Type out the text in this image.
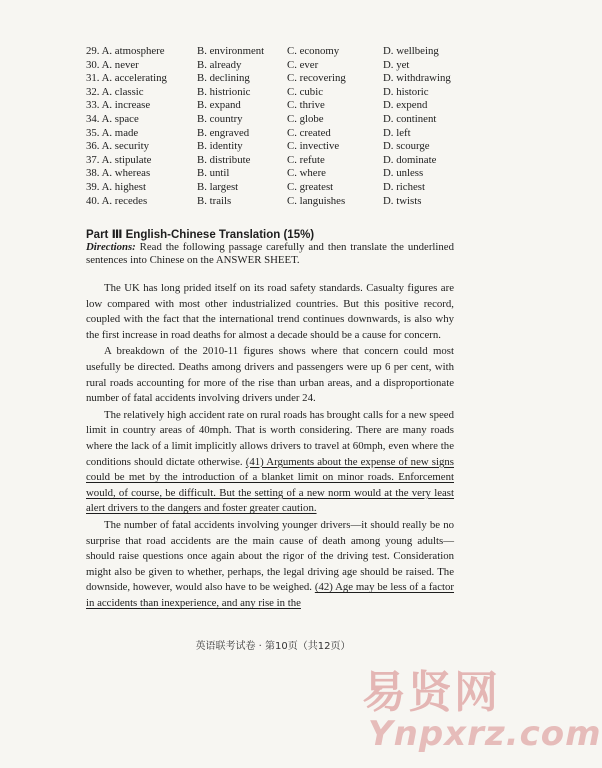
29. A. atmosphere	B. environment	C. economy	D. wellbeing
30. A. never	B. already	C. ever	D. yet
31. A. accelerating	B. declining	C. recovering	D. withdrawing
32. A. classic	B. histrionic	C. cubic	D. historic
33. A. increase	B. expand	C. thrive	D. expend
34. A. space	B. country	C. globe	D. continent
35. A. made	B. engraved	C. created	D. left
36. A. security	B. identity	C. invective	D. scourge
37. A. stipulate	B. distribute	C. refute	D. dominate
38. A. whereas	B. until	C. where	D. unless
39. A. highest	B. largest	C. greatest	D. richest
40. A. recedes	B. trails	C. languishes	D. twists
Part Ⅲ English-Chinese Translation (15%)
Directions: Read the following passage carefully and then translate the underlined sentences into Chinese on the ANSWER SHEET.

The UK has long prided itself on its road safety standards. Casualty figures are low compared with most other industrialized countries. But this positive record, coupled with the fact that the international trend continues downwards, is also why the first increase in road deaths for almost a decade should be a cause for concern.

A breakdown of the 2010-11 figures shows where that concern could most usefully be directed. Deaths among drivers and passengers were up 6 per cent, with rural roads accounting for more of the rise than urban areas, and a disproportionate number of fatal accidents involving drivers under 24.

The relatively high accident rate on rural roads has brought calls for a new speed limit in country areas of 40mph. That is worth considering. There are many roads where the lack of a limit implicitly allows drivers to travel at 60mph, even where the conditions should dictate otherwise. (41) Arguments about the expense of new signs could be met by the introduction of a blanket limit on minor roads. Enforcement would, of course, be difficult. But the setting of a new norm would at the very least alert drivers to the dangers and foster greater caution.

The number of fatal accidents involving younger drivers—it should really be no surprise that road accidents are the main cause of death among young adults—should raise questions once again about the rigor of the driving test. Consideration might also be given to whether, perhaps, the legal driving age should be raised. The downside, however, would also have to be weighed. (42) Age may be less of a factor in accidents than inexperience, and any rise in the

英语联考试卷 · 第10页（共12页）
易贤网
Ynpxrz.com
